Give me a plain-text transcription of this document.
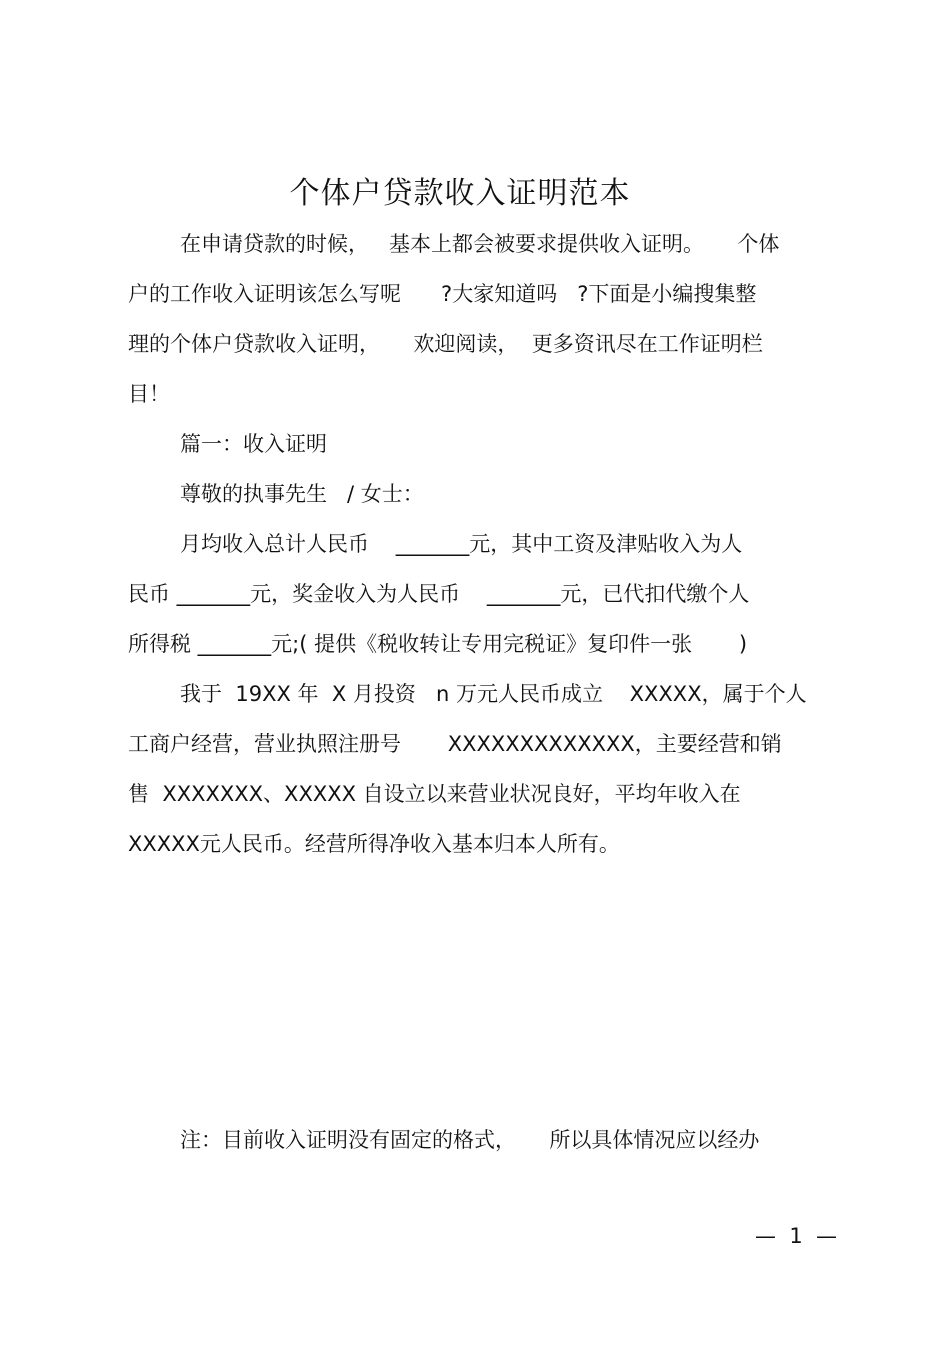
个体户贷款收入证明范本
在申请贷款的时候，   基本上都会被要求提供收入证明。     个体
户的工作收入证明该怎么写呢      ?大家知道吗   ?下面是小编搜集整
理的个体户贷款收入证明，     欢迎阅读，  更多资讯尽在工作证明栏
目！
篇一：收入证明
尊敬的执事先生   / 女士：
月均收入总计人民币    _______元，其中工资及津贴收入为人
民币 _______元，奖金收入为人民币    _______元，已代扣代缴个人
所得税 _______元;( 提供《税收转让专用完税证》复印件一张       )
我于  19XX 年  X 月投资   n 万元人民币成立    XXXXX，属于个人
工商户经营，营业执照注册号       XXXXXXXXXXXXX，主要经营和销
售  XXXXXXX、XXXXX 自设立以来营业状况良好，平均年收入在
XXXXX元人民币。经营所得净收入基本归本人所有。
注：目前收入证明没有固定的格式，     所以具体情况应以经办
—  1  —
